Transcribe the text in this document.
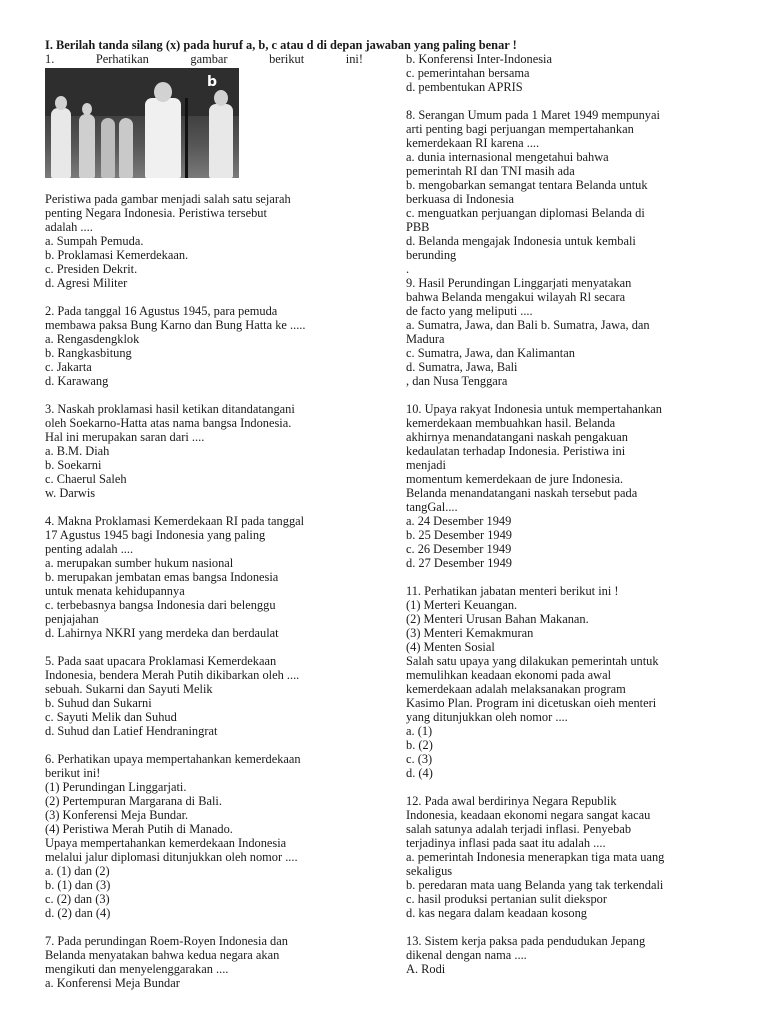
I. Berilah tanda silang (x) pada huruf a, b, c atau d di depan jawaban yang paling benar !
1.	Perhatikan	gambar	berikut	ini!
b

Peristiwa pada gambar menjadi salah satu sejarah
penting Negara Indonesia. Peristiwa tersebut
adalah ....
a. Sumpah Pemuda.
b. Proklamasi Kemerdekaan.
c. Presiden Dekrit.
d. Agresi Militer
2. Pada tanggal 16 Agustus 1945, para pemuda
membawa paksa Bung Karno dan Bung Hatta ke .....
a. Rengasdengklok
b. Rangkasbitung
c. Jakarta
d. Karawang
3. Naskah proklamasi hasil ketikan ditandatangani
oleh Soekarno-Hatta atas nama bangsa Indonesia.
Hal ini merupakan saran dari ....
a. B.M. Diah
b. Soekarni
c. Chaerul Saleh
w. Darwis
4. Makna Proklamasi Kemerdekaan RI pada tanggal
17 Agustus 1945 bagi Indonesia yang paling
penting adalah ....
a. merupakan sumber hukum nasional
b. merupakan jembatan emas bangsa Indonesia
untuk menata kehidupannya
c. terbebasnya bangsa Indonesia dari belenggu
penjajahan
d. Lahirnya NKRI yang merdeka dan berdaulat
5. Pada saat upacara Proklamasi Kemerdekaan
Indonesia, bendera Merah Putih dikibarkan oleh ....
sebuah. Sukarni dan Sayuti Melik
b. Suhud dan Sukarni
c. Sayuti Melik dan Suhud
d. Suhud dan Latief Hendraningrat
6. Perhatikan upaya mempertahankan kemerdekaan
berikut ini!
(1) Perundingan Linggarjati.
(2) Pertempuran Margarana di Bali.
(3) Konferensi Meja Bundar.
(4) Peristiwa Merah Putih di Manado.
Upaya mempertahankan kemerdekaan Indonesia
melalui jalur diplomasi ditunjukkan oleh nomor ....
a. (1) dan (2)
b. (1) dan (3)
c. (2) dan (3)
d. (2) dan (4)
7. Pada perundingan Roem-Royen Indonesia dan
Belanda menyatakan bahwa kedua negara akan
mengikuti dan menyelenggarakan ....
a. Konferensi Meja Bundar
b. Konferensi Inter-Indonesia
c. pemerintahan bersama
d. pembentukan APRIS
8. Serangan Umum pada 1 Maret 1949 mempunyai
arti penting bagi perjuangan mempertahankan
kemerdekaan RI karena ....
a. dunia internasional mengetahui bahwa
pemerintah RI dan TNI masih ada
b. mengobarkan semangat tentara Belanda untuk
berkuasa di Indonesia
c. menguatkan perjuangan diplomasi Belanda di
PBB
d. Belanda mengajak Indonesia untuk kembali
berunding
.
9. Hasil Perundingan Linggarjati menyatakan
bahwa Belanda mengakui wilayah Rl secara
de facto yang meliputi ....
a. Sumatra, Jawa, dan Bali b. Sumatra, Jawa, dan
Madura
c. Sumatra, Jawa, dan Kalimantan
d. Sumatra, Jawa, Bali
, dan Nusa Tenggara
10. Upaya rakyat Indonesia untuk mempertahankan
kemerdekaan membuahkan hasil. Belanda
akhirnya menandatangani naskah pengakuan
kedaulatan terhadap Indonesia. Peristiwa ini
menjadi
momentum kemerdekaan de jure Indonesia.
Belanda menandatangani naskah tersebut pada
tangGal....
a. 24 Desember 1949
b. 25 Desember 1949
c. 26 Desember 1949
d. 27 Desember 1949
11. Perhatikan jabatan menteri berikut ini !
(1) Merteri Keuangan.
(2) Menteri Urusan Bahan Makanan.
(3) Menteri Kemakmuran
(4) Menten Sosial
Salah satu upaya yang dilakukan pemerintah untuk
memulihkan keadaan ekonomi pada awal
kemerdekaan adalah melaksanakan program
Kasimo Plan. Program ini dicetuskan oieh menteri
yang ditunjukkan oleh nomor ....
a. (1)
b. (2)
c. (3)
d. (4)
12. Pada awal berdirinya Negara Republik
Indonesia, keadaan ekonomi negara sangat kacau
salah satunya adalah terjadi inflasi. Penyebab
terjadinya inflasi pada saat itu adalah ....
a. pemerintah Indonesia menerapkan tiga mata uang
sekaligus
b. peredaran mata uang Belanda yang tak terkendali
c. hasil produksi pertanian sulit diekspor
d. kas negara dalam keadaan kosong
13. Sistem kerja paksa pada pendudukan Jepang
dikenal dengan nama ....
A. Rodi
